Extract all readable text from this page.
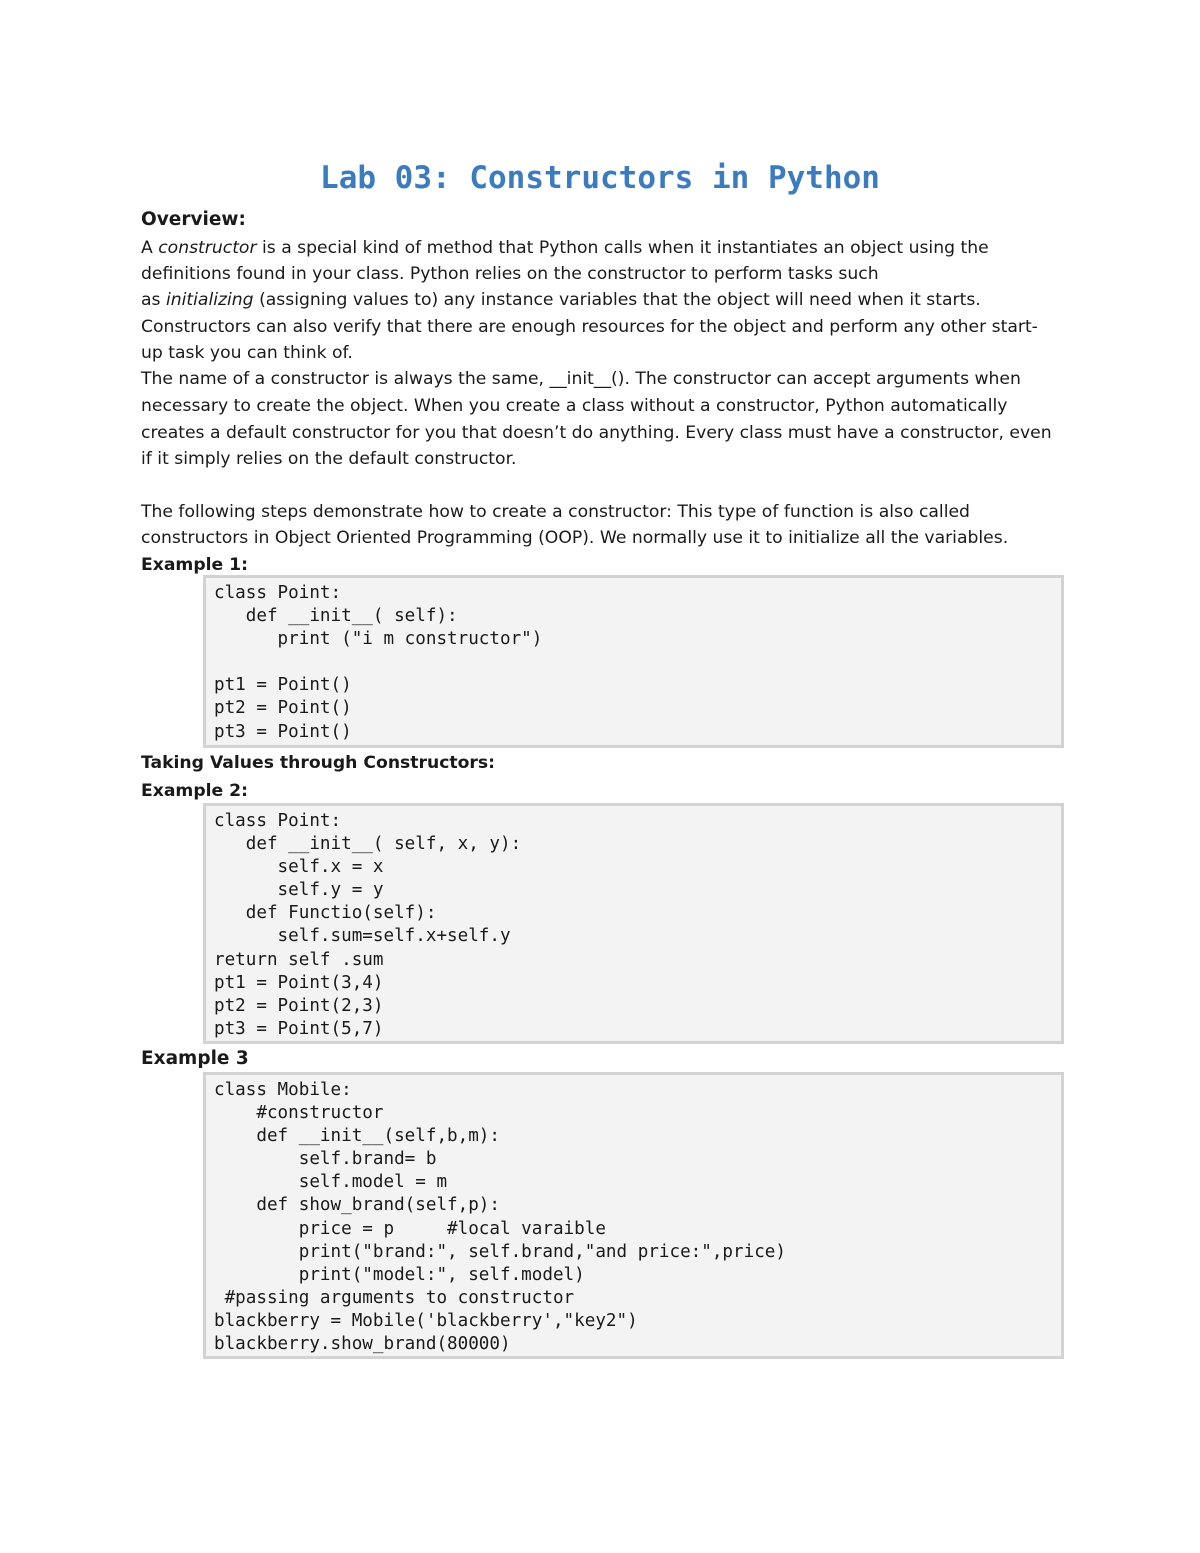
Lab 03: Constructors in Python
Overview:
A constructor is a special kind of method that Python calls when it instantiates an object using the
definitions found in your class. Python relies on the constructor to perform tasks such
as initializing (assigning values to) any instance variables that the object will need when it starts.
Constructors can also verify that there are enough resources for the object and perform any other start-
up task you can think of.
The name of a constructor is always the same, __init__(). The constructor can accept arguments when
necessary to create the object. When you create a class without a constructor, Python automatically
creates a default constructor for you that doesn’t do anything. Every class must have a constructor, even
if it simply relies on the default constructor.
The following steps demonstrate how to create a constructor: This type of function is also called
constructors in Object Oriented Programming (OOP). We normally use it to initialize all the variables.
Example 1:
class Point:
def __init__( self):
print ("i m constructor")
pt1 = Point()
pt2 = Point()
pt3 = Point()
Taking Values through Constructors:
Example 2:
class Point:
def __init__( self, x, y):
self.x = x
self.y = y
def Functio(self):
self.sum=self.x+self.y
return self .sum
pt1 = Point(3,4)
pt2 = Point(2,3)
pt3 = Point(5,7)
Example 3
class Mobile:
#constructor
def __init__(self,b,m):
self.brand= b
self.model = m
def show_brand(self,p):
price = p     #local varaible
print("brand:", self.brand,"and price:",price)
print("model:", self.model)
#passing arguments to constructor
blackberry = Mobile('blackberry',"key2")
blackberry.show_brand(80000)
